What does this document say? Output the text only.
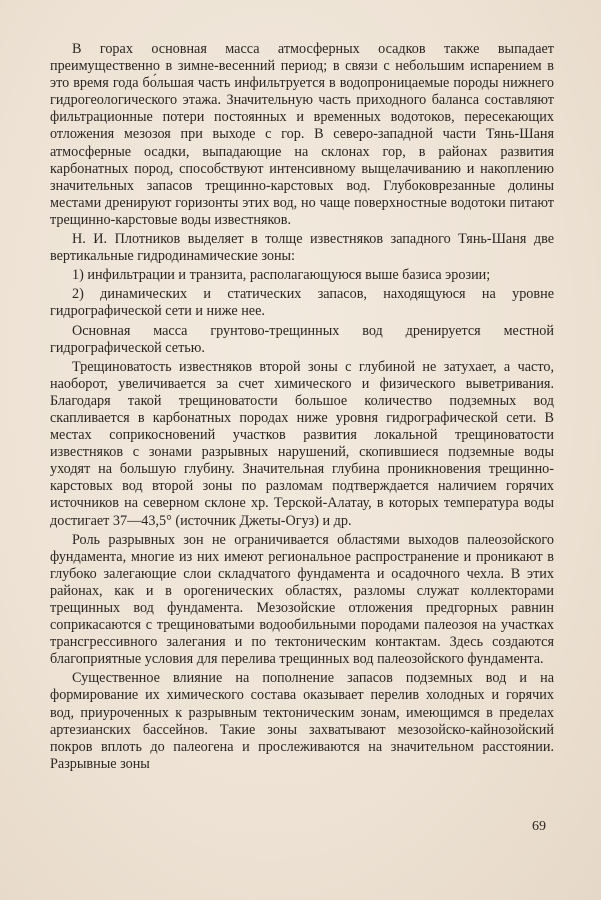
В горах основная масса атмосферных осадков также выпадает преимущественно в зимне-весенний период; в связи с небольшим испарением в это время года бо́льшая часть инфильтруется в водопроницаемые породы нижнего гидрогеологического этажа. Значительную часть приходного баланса составляют фильтрационные потери постоянных и временных водотоков, пересекающих отложения мезозоя при выходе с гор. В северо-западной части Тянь-Шаня атмосферные осадки, выпадающие на склонах гор, в районах развития карбонатных пород, способствуют интенсивному выщелачиванию и накоплению значительных запасов трещинно-карстовых вод. Глубоковрезанные долины местами дренируют горизонты этих вод, но чаще поверхностные водотоки питают трещинно-карстовые воды известняков.

Н. И. Плотников выделяет в толще известняков западного Тянь-Шаня две вертикальные гидродинамические зоны:

1) инфильтрации и транзита, располагающуюся выше базиса эрозии;

2) динамических и статических запасов, находящуюся на уровне гидрографической сети и ниже нее.

Основная масса грунтово-трещинных вод дренируется местной гидрографической сетью.

Трещиноватость известняков второй зоны с глубиной не затухает, а часто, наоборот, увеличивается за счет химического и физического выветривания. Благодаря такой трещиноватости большое количество подземных вод скапливается в карбонатных породах ниже уровня гидрографической сети. В местах соприкосновений участков развития локальной трещиноватости известняков с зонами разрывных нарушений, скопившиеся подземные воды уходят на большую глубину. Значительная глубина проникновения трещинно-карстовых вод второй зоны по разломам подтверждается наличием горячих источников на северном склоне хр. Терской-Алатау, в которых температура воды достигает 37—43,5° (источник Джеты-Огуз) и др.

Роль разрывных зон не ограничивается областями выходов палеозойского фундамента, многие из них имеют региональное распространение и проникают в глубоко залегающие слои складчатого фундамента и осадочного чехла. В этих районах, как и в орогенических областях, разломы служат коллекторами трещинных вод фундамента. Мезозойские отложения предгорных равнин соприкасаются с трещиноватыми водообильными породами палеозоя на участках трансгрессивного залегания и по тектоническим контактам. Здесь создаются благоприятные условия для перелива трещинных вод палеозойского фундамента.

Существенное влияние на пополнение запасов подземных вод и на формирование их химического состава оказывает перелив холодных и горячих вод, приуроченных к разрывным тектоническим зонам, имеющимся в пределах артезианских бассейнов. Такие зоны захватывают мезозойско-кайнозойский покров вплоть до палеогена и прослеживаются на значительном расстоянии. Разрывные зоны

69
